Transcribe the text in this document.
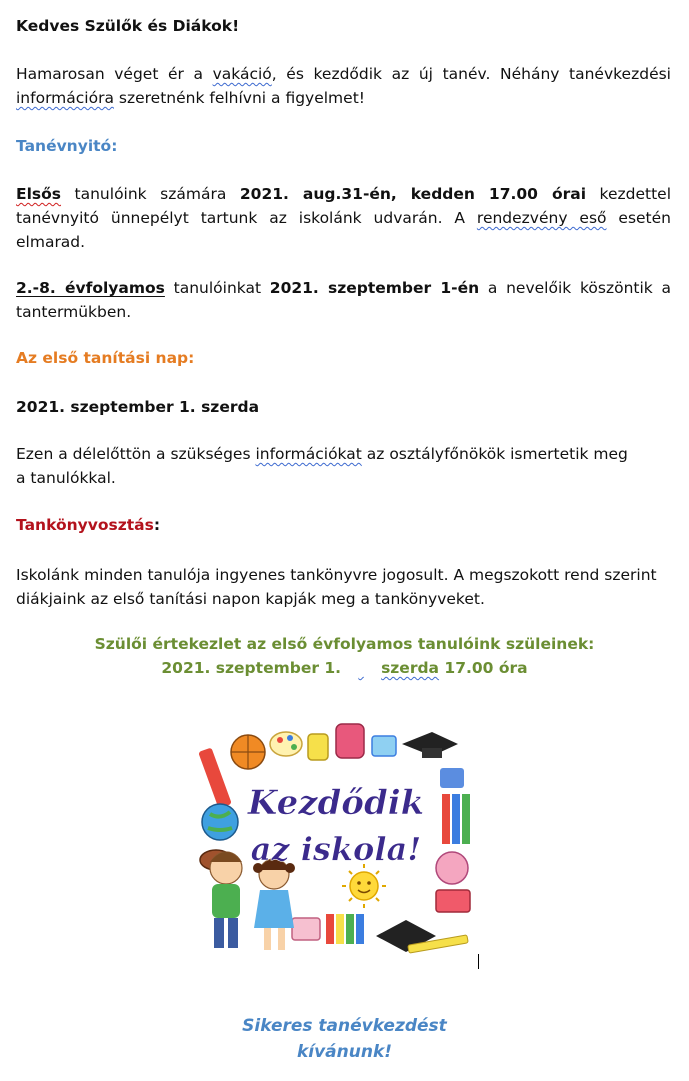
Kedves Szülők és Diákok!
Hamarosan véget ér a vakáció, és kezdődik az új tanév. Néhány tanévkezdési információra szeretnénk felhívni a figyelmet!
Tanévnyitó:
Elsős tanulóink számára 2021. aug.31-én, kedden 17.00 órai kezdettel tanévnyitó ünnepélyt tartunk az iskolánk udvarán. A rendezvény eső esetén elmarad.
2.-8. évfolyamos tanulóinkat 2021. szeptember 1-én a nevelőik köszöntik a tantermükben.
Az első tanítási nap:
2021. szeptember 1. szerda
Ezen a délelőttön a szükséges információkat az osztályfőnökök ismertetik meg a tanulókkal.
Tankönyvosztás:
Iskolánk minden tanulója ingyenes tankönyvre jogosult. A megszokott rend szerint diákjaink az első tanítási napon kapják meg a tankönyveket.
Szülői értekezlet az első évfolyamos tanulóink szüleinek:
2021. szeptember 1.	szerda 17.00 óra
Kezdődik
az iskola!
Sikeres tanévkezdést
kívánunk!
